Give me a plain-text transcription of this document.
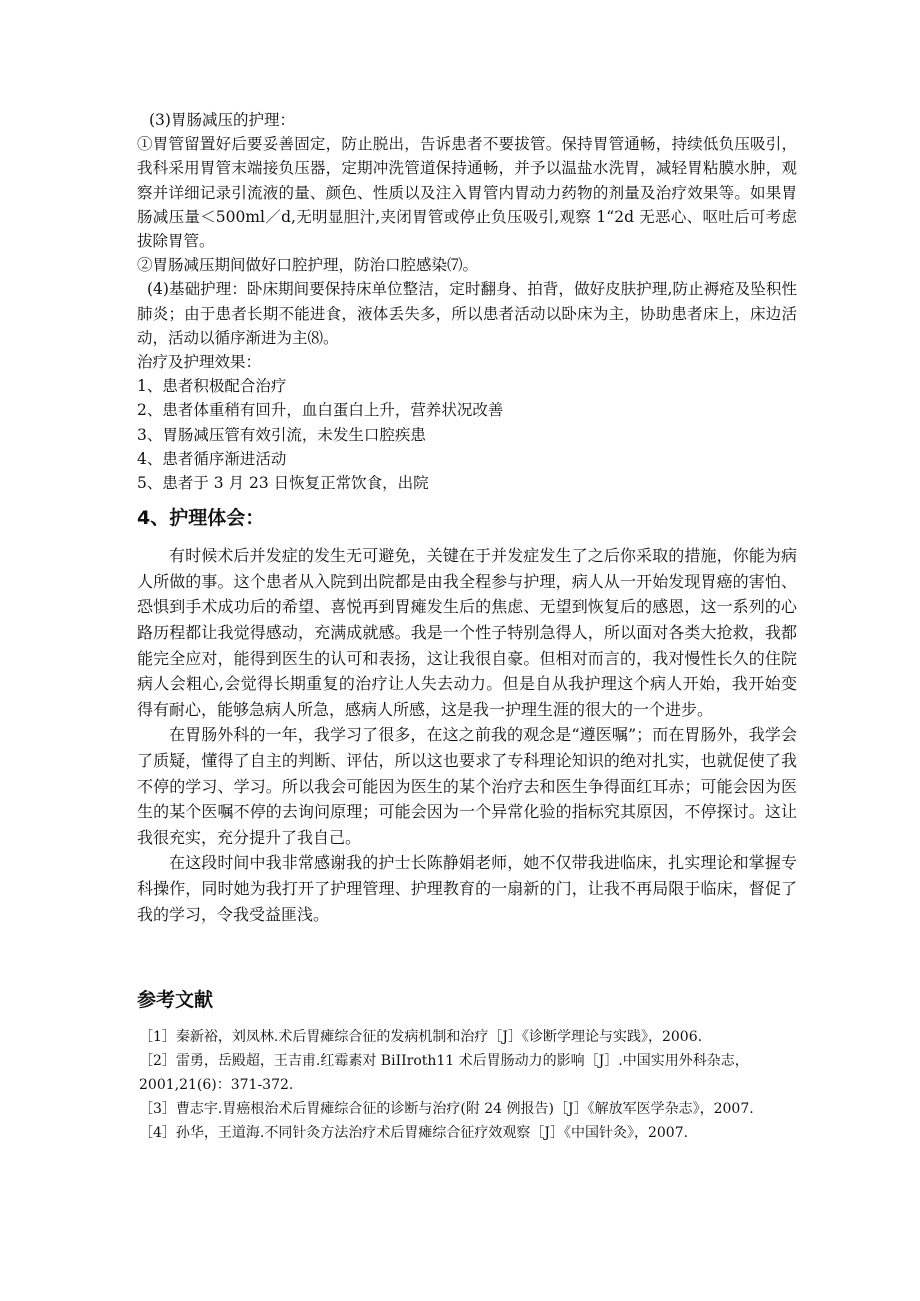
(3)胃肠减压的护理：

①胃管留置好后要妥善固定，防止脱出，告诉患者不要拔管。保持胃管通畅，持续低负压吸引，我科采用胃管末端接负压器，定期冲洗管道保持通畅，并予以温盐水洗胃，减轻胃粘膜水肿，观察并详细记录引流液的量、颜色、性质以及注入胃管内胃动力药物的剂量及治疗效果等。如果胃肠减压量＜500ml／d,无明显胆汁,夹闭胃管或停止负压吸引,观察 1“2d 无恶心、呕吐后可考虑拔除胃管。

②胃肠减压期间做好口腔护理，防治口腔感染⑺。

(4)基础护理：卧床期间要保持床单位整洁，定时翻身、拍背，做好皮肤护理,防止褥疮及坠积性肺炎；由于患者长期不能进食，液体丢失多，所以患者活动以卧床为主，协助患者床上，床边活动，活动以循序渐进为主⑻。

治疗及护理效果：

1、患者积极配合治疗

2、患者体重稍有回升，血白蛋白上升，营养状况改善

3、胃肠减压管有效引流，未发生口腔疾患

4、患者循序渐进活动

5、患者于 3 月 23 日恢复正常饮食，出院

4、护理体会：

有时候术后并发症的发生无可避免，关键在于并发症发生了之后你采取的措施，你能为病人所做的事。这个患者从入院到出院都是由我全程参与护理，病人从一开始发现胃癌的害怕、恐惧到手术成功后的希望、喜悦再到胃瘫发生后的焦虑、无望到恢复后的感恩，这一系列的心路历程都让我觉得感动，充满成就感。我是一个性子特别急得人，所以面对各类大抢救，我都能完全应对，能得到医生的认可和表扬，这让我很自豪。但相对而言的，我对慢性长久的住院病人会粗心,会觉得长期重复的治疗让人失去动力。但是自从我护理这个病人开始，我开始变得有耐心，能够急病人所急，感病人所感，这是我一护理生涯的很大的一个进步。

在胃肠外科的一年，我学习了很多，在这之前我的观念是“遵医嘱”；而在胃肠外，我学会了质疑，懂得了自主的判断、评估，所以这也要求了专科理论知识的绝对扎实，也就促使了我不停的学习、学习。所以我会可能因为医生的某个治疗去和医生争得面红耳赤；可能会因为医生的某个医嘱不停的去询问原理；可能会因为一个异常化验的指标究其原因，不停探讨。这让我很充实，充分提升了我自己。

在这段时间中我非常感谢我的护士长陈静娟老师，她不仅带我进临床，扎实理论和掌握专科操作，同时她为我打开了护理管理、护理教育的一扇新的门，让我不再局限于临床，督促了我的学习，令我受益匪浅。

参考文献

［1］秦新裕，刘凤林.术后胃瘫综合征的发病机制和治疗［J］《诊断学理论与实践》，2006.

［2］雷勇，岳殿超，王吉甫.红霉素对 BiIIroth11 术后胃肠动力的影响［J］.中国实用外科杂志，2001,21(6)：371-372.

［3］曹志宇.胃癌根治术后胃瘫综合征的诊断与治疗(附 24 例报告)［J］《解放军医学杂志》，2007.

［4］孙华，王道海.不同针灸方法治疗术后胃瘫综合征疗效观察［J］《中国针灸》，2007.
